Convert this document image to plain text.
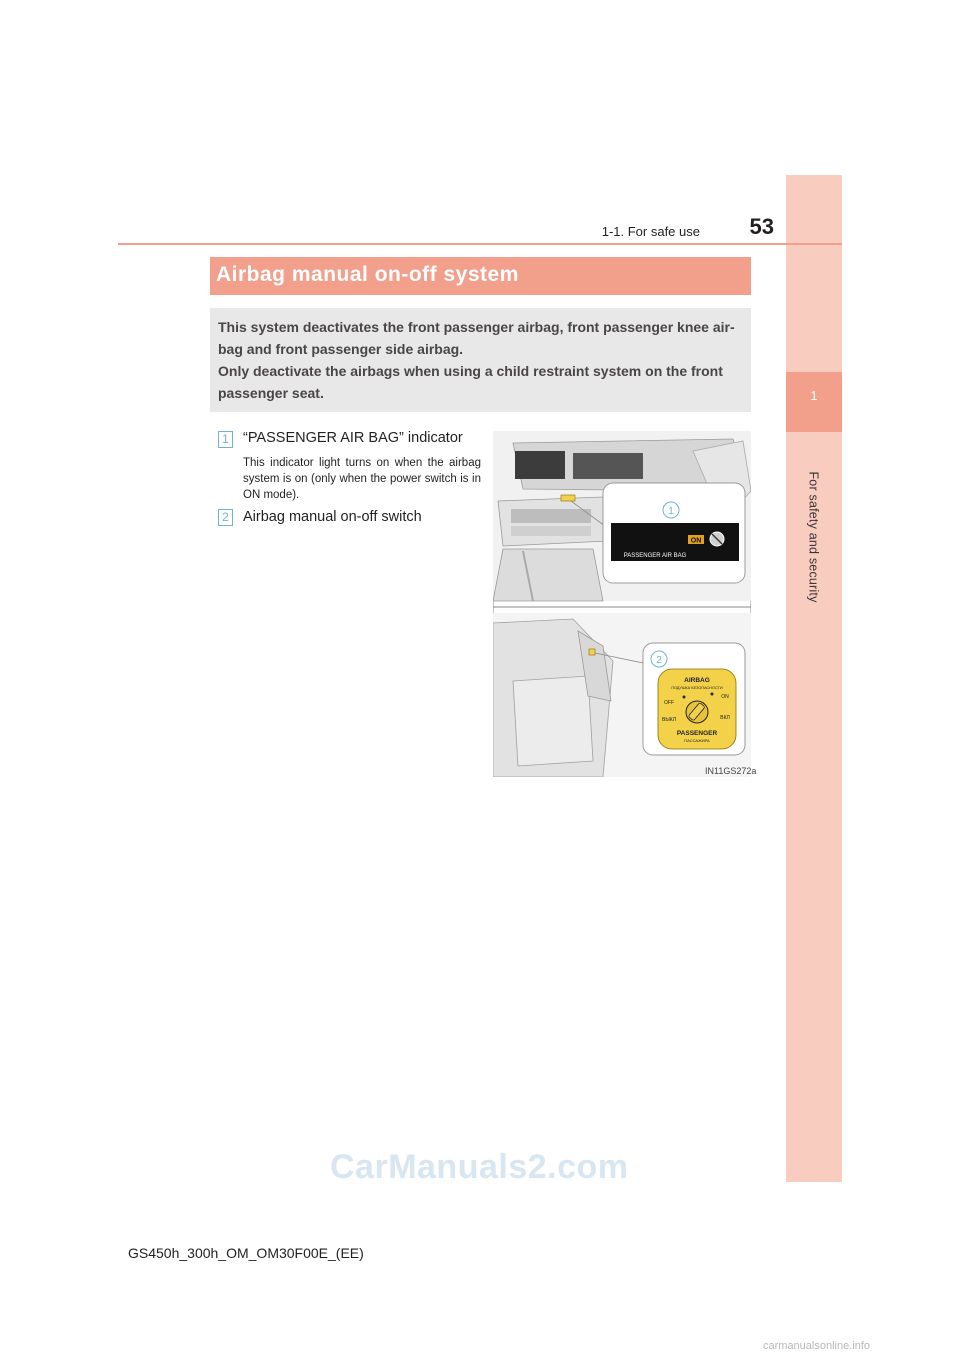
1
For safety and security
1-1. For safe use	53
Airbag manual on-off system

This system deactivates the front passenger airbag, front passenger knee air-bag and front passenger side airbag.

Only deactivate the airbags when using a child restraint system on the front passenger seat.

1 “PASSENGER AIR BAG” indicator
This indicator light turns on when the airbag system is on (only when the power switch is in ON mode).
2 Airbag manual on-off switch
ON
PASSENGER AIR BAG
1
2
AIRBAG
ПОДУШКА БЕЗОПАСНОСТИ
OFF
ON
ВЫКЛ	ВКЛ
PASSENGER
ПАССАЖИРА
IN11GS272a
CarManuals2.com
GS450h_300h_OM_OM30F00E_(EE)
carmanualsonline.info
